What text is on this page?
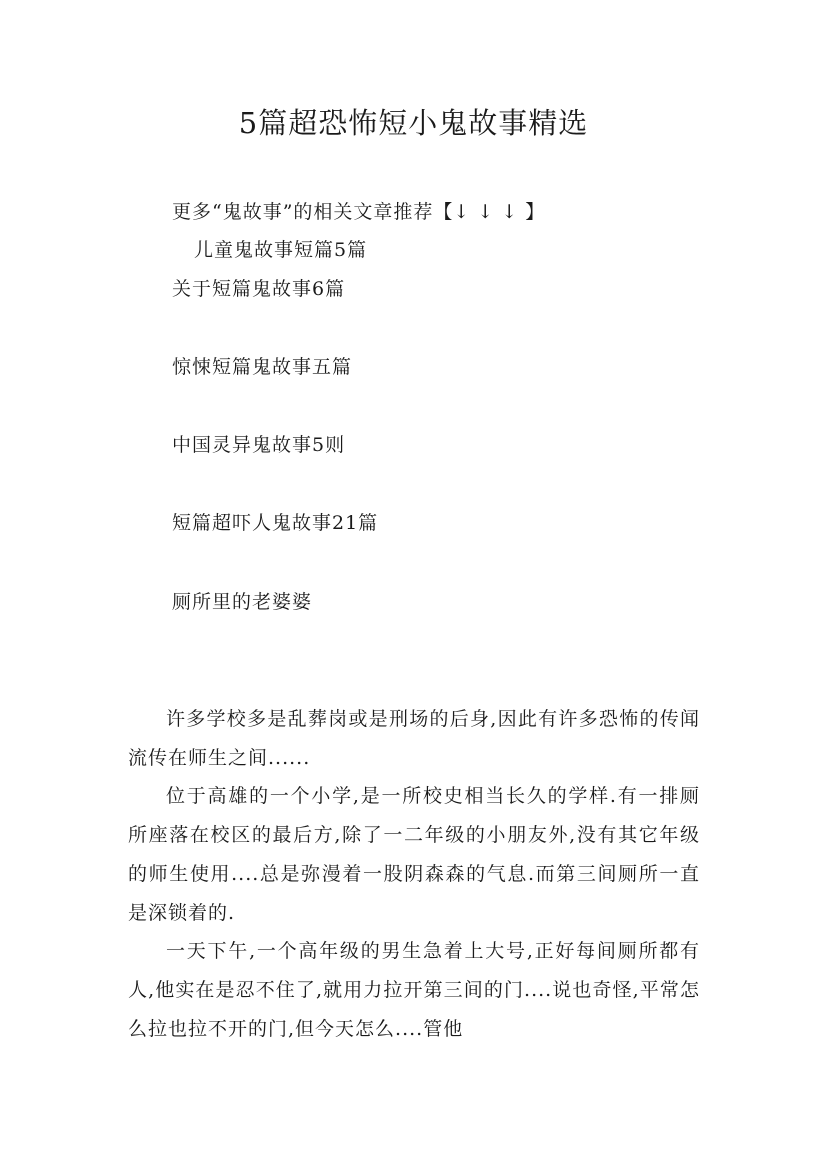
5篇超恐怖短小鬼故事精选
更多“鬼故事”的相关文章推荐【↓ ↓ ↓ 】
儿童鬼故事短篇5篇
关于短篇鬼故事6篇
惊悚短篇鬼故事五篇
中国灵异鬼故事5则
短篇超吓人鬼故事21篇
厕所里的老婆婆

许多学校多是乱葬岗或是刑场的后身,因此有许多恐怖的传闻流传在师生之间......

位于高雄的一个小学,是一所校史相当长久的学样.有一排厕所座落在校区的最后方,除了一二年级的小朋友外,没有其它年级的师生使用....总是弥漫着一股阴森森的气息.而第三间厕所一直是深锁着的.

一天下午,一个高年级的男生急着上大号,正好每间厕所都有人,他实在是忍不住了,就用力拉开第三间的门....说也奇怪,平常怎么拉也拉不开的门,但今天怎么....管他
